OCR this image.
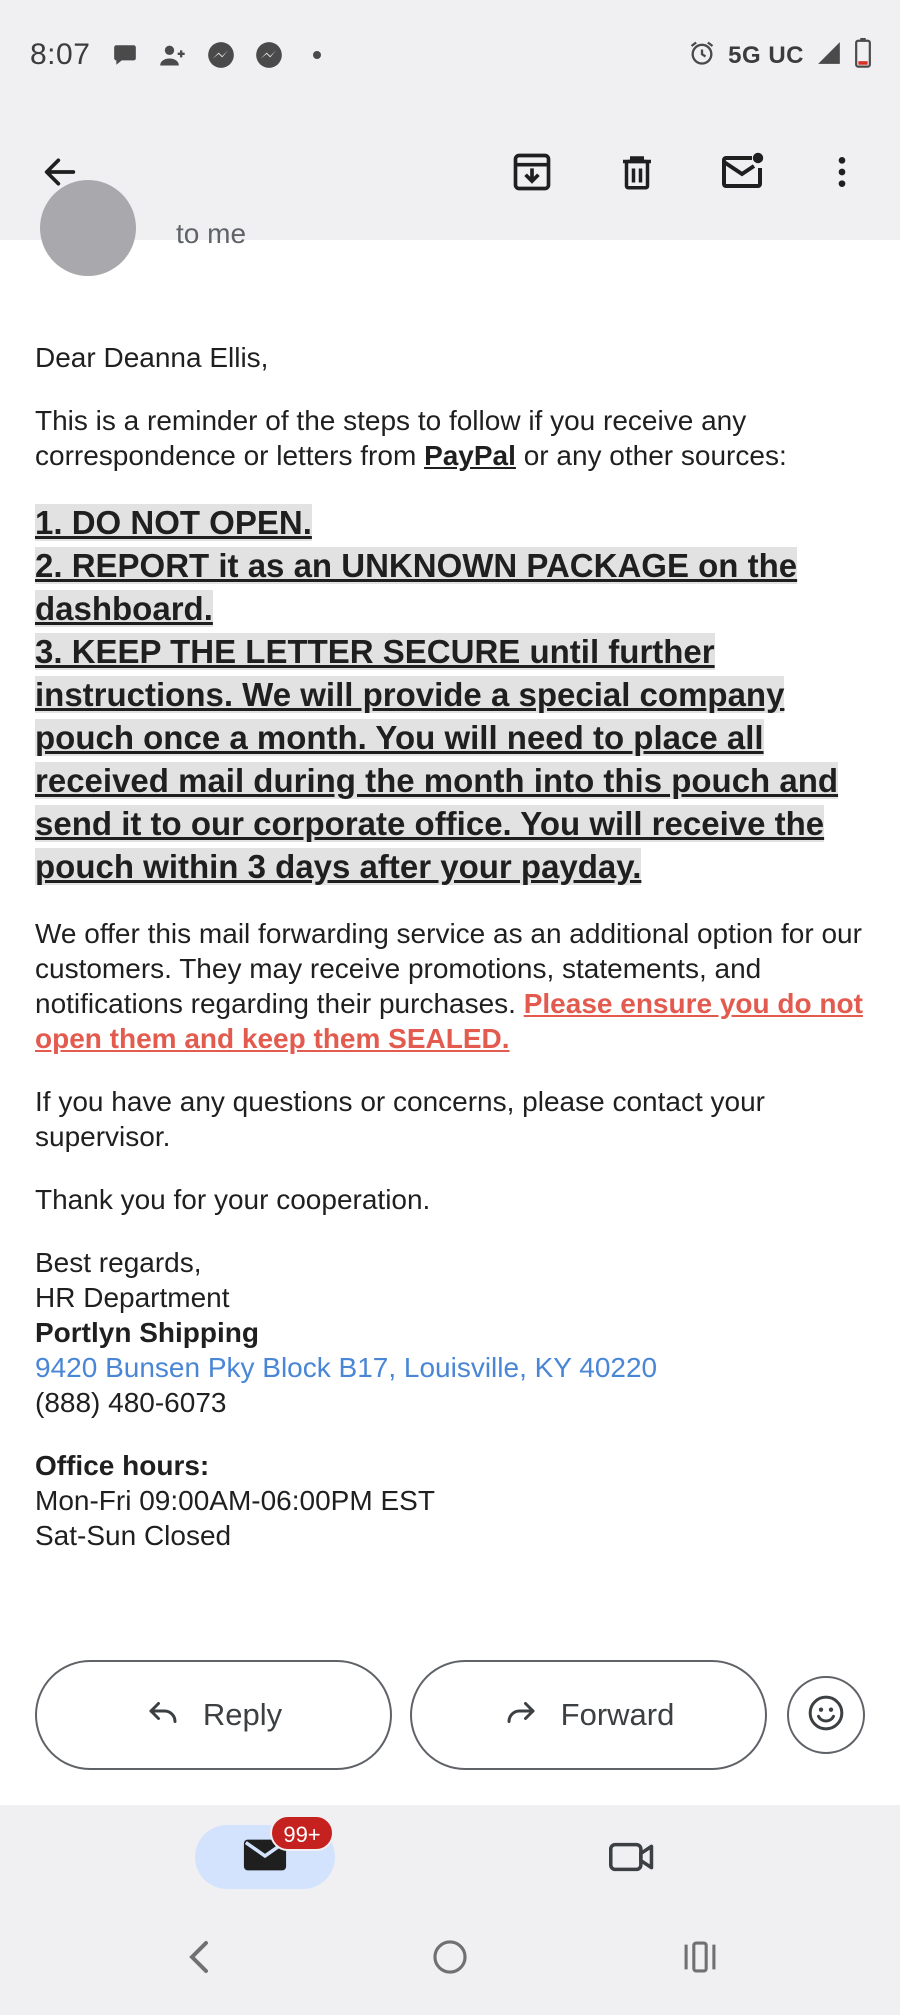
8:07	5G UC
to me

Dear Deanna Ellis,

This is a reminder of the steps to follow if you receive any correspondence or letters from PayPal or any other sources:

1. DO NOT OPEN.
2. REPORT it as an UNKNOWN PACKAGE on the dashboard.
3. KEEP THE LETTER SECURE until further instructions. We will provide a special company pouch once a month. You will need to place all received mail during the month into this pouch and send it to our corporate office. You will receive the pouch within 3 days after your payday.

We offer this mail forwarding service as an additional option for our customers. They may receive promotions, statements, and notifications regarding their purchases. Please ensure you do not open them and keep them SEALED.

If you have any questions or concerns, please contact your supervisor.

Thank you for your cooperation.

Best regards,
HR Department
Portlyn Shipping
9420 Bunsen Pky Block B17, Louisville, KY 40220
(888) 480-6073

Office hours:
Mon-Fri 09:00AM-06:00PM EST
Sat-Sun Closed

Reply	Forward
99+
